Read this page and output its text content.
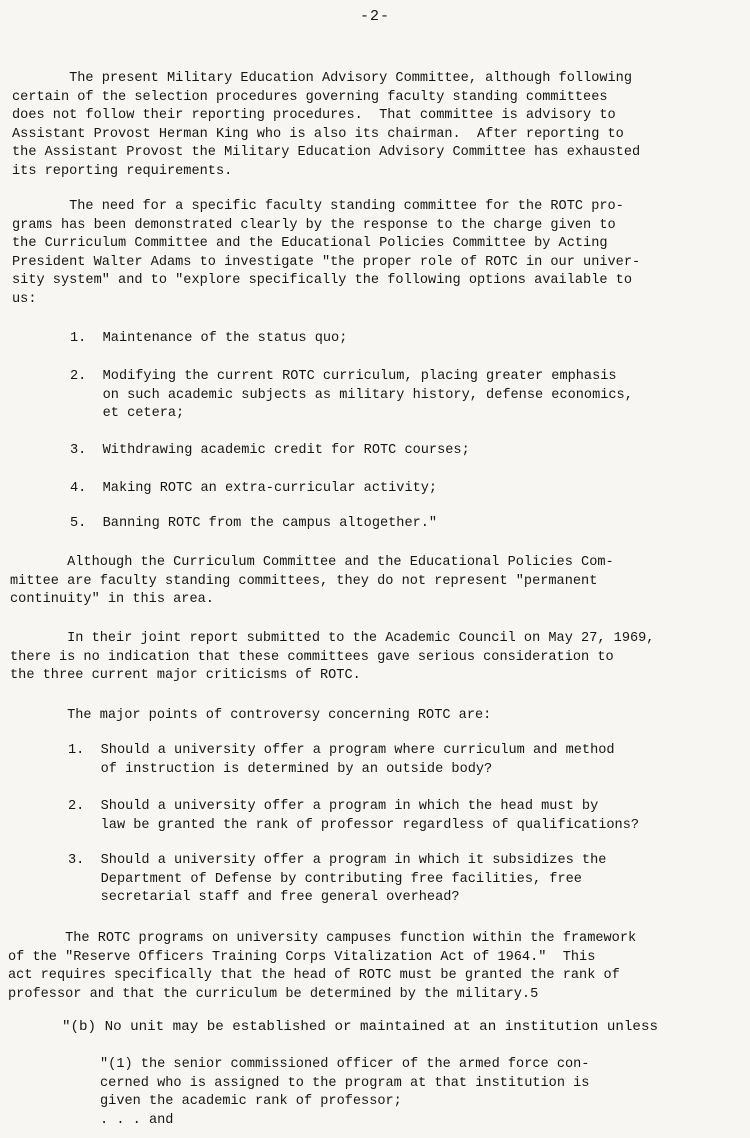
-2-

The present Military Education Advisory Committee, although following
certain of the selection procedures governing faculty standing committees
does not follow their reporting procedures.  That committee is advisory to
Assistant Provost Herman King who is also its chairman.  After reporting to
the Assistant Provost the Military Education Advisory Committee has exhausted
its reporting requirements.

The need for a specific faculty standing committee for the ROTC pro-
grams has been demonstrated clearly by the response to the charge given to
the Curriculum Committee and the Educational Policies Committee by Acting
President Walter Adams to investigate "the proper role of ROTC in our univer-
sity system" and to "explore specifically the following options available to
us:

1.  Maintenance of the status quo;

2.  Modifying the current ROTC curriculum, placing greater emphasis
on such academic subjects as military history, defense economics,
et cetera;

3.  Withdrawing academic credit for ROTC courses;

4.  Making ROTC an extra-curricular activity;

5.  Banning ROTC from the campus altogether."

Although the Curriculum Committee and the Educational Policies Com-
mittee are faculty standing committees, they do not represent "permanent
continuity" in this area.

In their joint report submitted to the Academic Council on May 27, 1969,
there is no indication that these committees gave serious consideration to
the three current major criticisms of ROTC.

The major points of controversy concerning ROTC are:

1.  Should a university offer a program where curriculum and method
of instruction is determined by an outside body?

2.  Should a university offer a program in which the head must by
law be granted the rank of professor regardless of qualifications?

3.  Should a university offer a program in which it subsidizes the
Department of Defense by contributing free facilities, free
secretarial staff and free general overhead?

The ROTC programs on university campuses function within the framework
of the "Reserve Officers Training Corps Vitalization Act of 1964."  This
act requires specifically that the head of ROTC must be granted the rank of
professor and that the curriculum be determined by the military.5

"(b) No unit may be established or maintained at an institution unless

"(1) the senior commissioned officer of the armed force con-
cerned who is assigned to the program at that institution is
given the academic rank of professor;
. . . and
